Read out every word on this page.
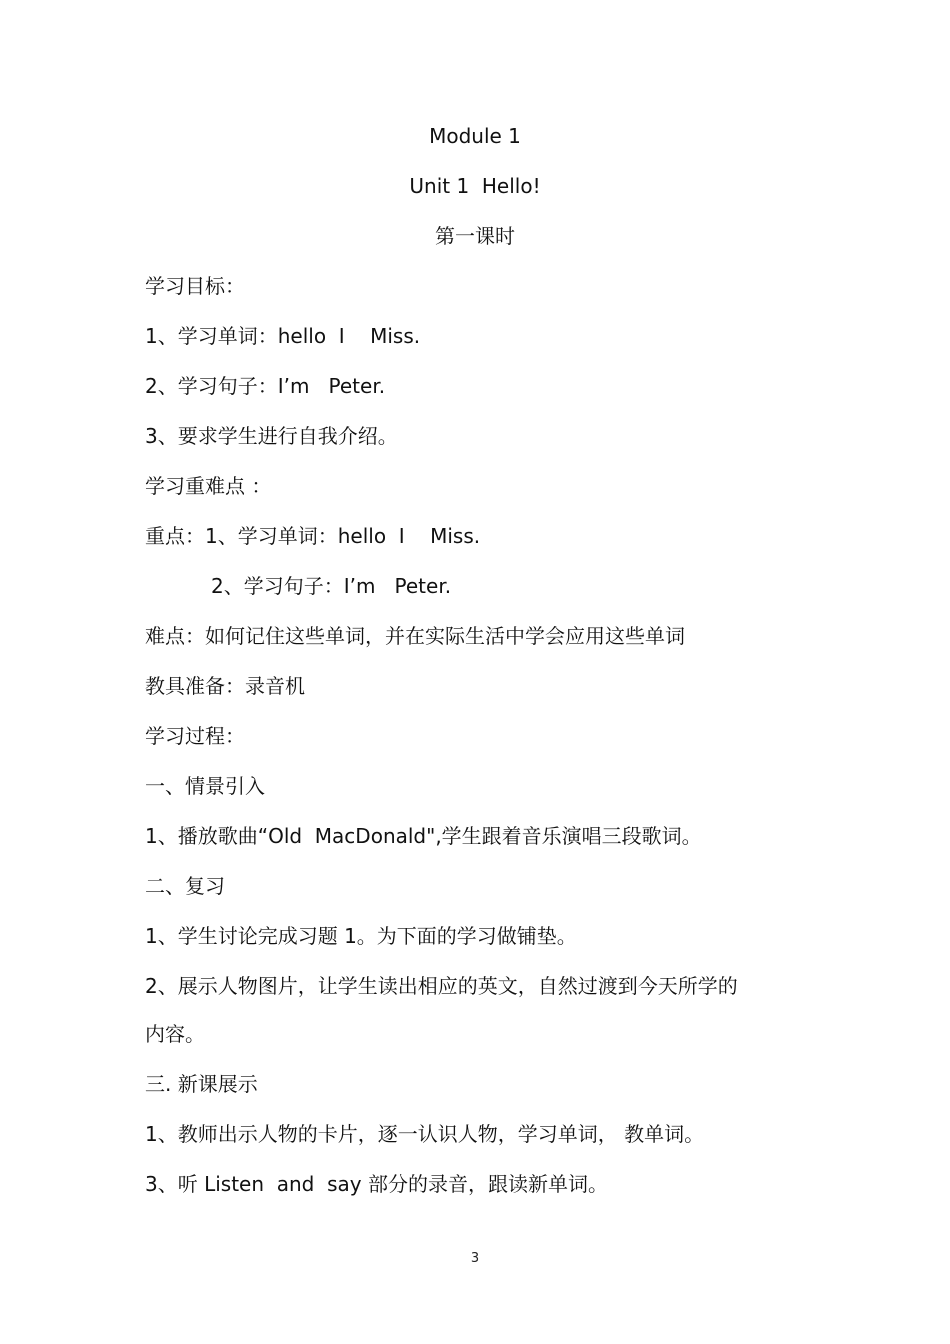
Module 1
Unit 1  Hello!
第一课时
学习目标：
1、学习单词：hello  I    Miss.
2、学习句子：I’m   Peter.
3、要求学生进行自我介绍。
学习重难点 ：
重点：1、学习单词：hello  I    Miss.
2、学习句子：I’m   Peter.
难点：如何记住这些单词，并在实际生活中学会应用这些单词
教具准备：录音机
学习过程：
一、情景引入
1、播放歌曲“Old  MacDonald",学生跟着音乐演唱三段歌词。
二、复习
1、学生讨论完成习题 1。为下面的学习做铺垫。
2、展示人物图片，让学生读出相应的英文，自然过渡到今天所学的
内容。
三. 新课展示
1、教师出示人物的卡片，逐一认识人物，学习单词， 教单词。
3、听 Listen  and  say 部分的录音，跟读新单词。
3
